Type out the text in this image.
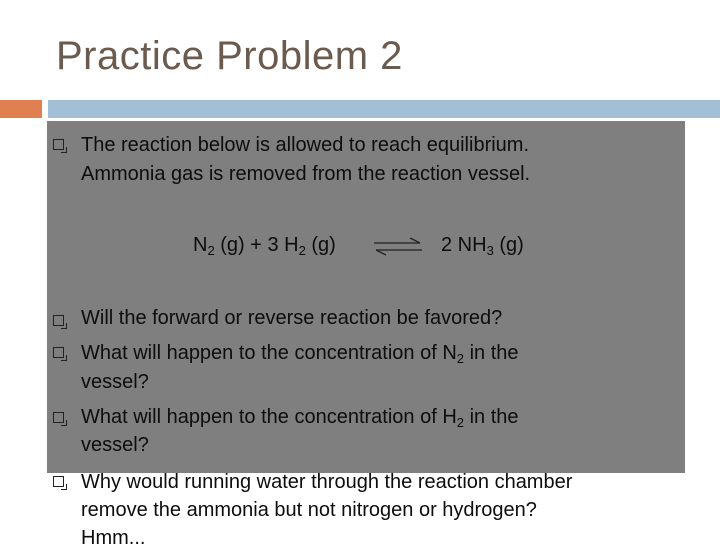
Practice Problem 2
The reaction below is allowed to reach equilibrium.
Ammonia gas is removed from the reaction vessel.
$N_2$ (g) + 3 $H_2$ (g) ⇌ 2 $NH_3$ (g)
Will the forward or reverse reaction be favored?
What will happen to the concentration of $N_2$ in the
vessel?
What will happen to the concentration of $H_2$ in the
vessel?
Why would running water through the reaction chamber
remove the ammonia but not nitrogen or hydrogen?
Hmm...
